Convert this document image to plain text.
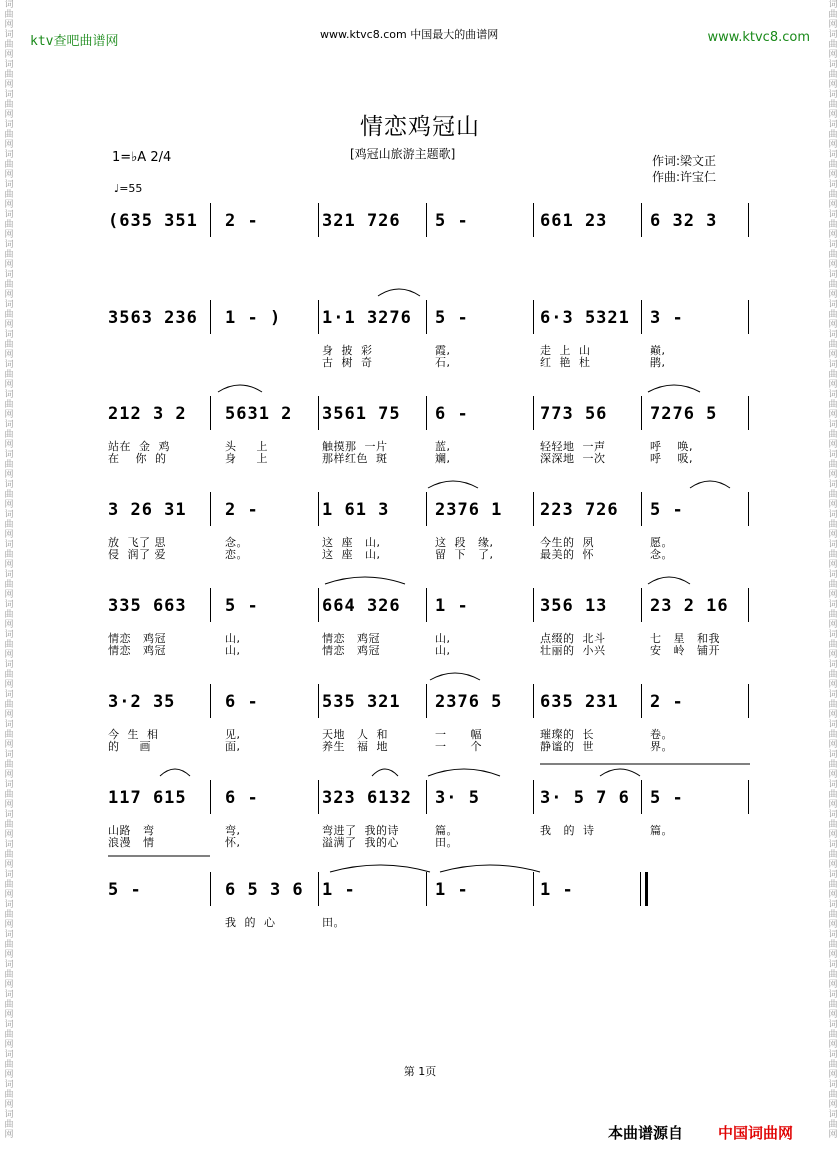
词曲网词曲网词曲网词曲网词曲网词曲网词曲网词曲网词曲网词曲网词曲网词曲网词曲网词曲网词曲网词曲网词曲网词曲网词曲网词曲网词曲网词曲网词曲网词曲网词曲网词曲网词曲网词曲网词曲网词曲网词曲网词曲网词曲网词曲网词曲网词曲网词曲网词曲网
词曲网词曲网词曲网词曲网词曲网词曲网词曲网词曲网词曲网词曲网词曲网词曲网词曲网词曲网词曲网词曲网词曲网词曲网词曲网词曲网词曲网词曲网词曲网词曲网词曲网词曲网词曲网词曲网词曲网词曲网词曲网词曲网词曲网词曲网词曲网词曲网词曲网词曲网
ktv查吧曲谱网	www.ktvc8.com 中国最大的曲谱网	www.ktvc8.com
情恋鸡冠山
[鸡冠山旅游主题歌]	作词:梁文正
作曲:许宝仁
1=♭A 2/4
♩=55
(635 351 2 -	321 726 5 -	661 23	6 32 3
3563 236 1 - ) 1·1 3276 5 -	6·3 5321 3 -
身  披  彩	霞,	走  上  山	巅,
古  树  奇	石,	红  艳  杜	鹃,
212 3 2 5631 2 3561 75 6 -	773 56	7276 5
站在  金  鸡	头     上	触摸那  一片	蓝,	轻轻地  一声	呼    唤,
在    你  的	身     上	那样红色  斑	斓,	深深地  一次	呼    吸,
3 26 31 2 -	1 61 3	2376 1 223 726 5 -
放  飞了 思	念。	这  座   山,	这  段   缘,	今生的  夙	愿。
侵  润了 爱	恋。	这  座   山,	留  下   了,	最美的  怀	念。
335 663 5 -	664 326 1 -	356 13	23 2 16
情恋   鸡冠	山,	情恋   鸡冠	山,	点缀的  北斗	七   星   和我
情恋   鸡冠	山,	情恋   鸡冠	山,	壮丽的  小兴	安   岭   铺开
3·2 35	6 -	535 321 2376 5 635 231 2 -
今  生  相	见,	天地   人  和	一      幅	璀璨的  长	卷。
的     画	面,	养生   福  地	一      个	静谧的  世	界。
117 615 6 -	323 6132 3· 5	3· 5 7 6 5 -
山路   弯	弯,	弯进了  我的诗	篇。	我   的  诗	篇。
浪漫   情	怀,	溢满了  我的心	田。
5 -	6 5 3 6 1 -	1 -	1 -
我  的  心	田。
第 1页
本曲谱源自 中国词曲网
